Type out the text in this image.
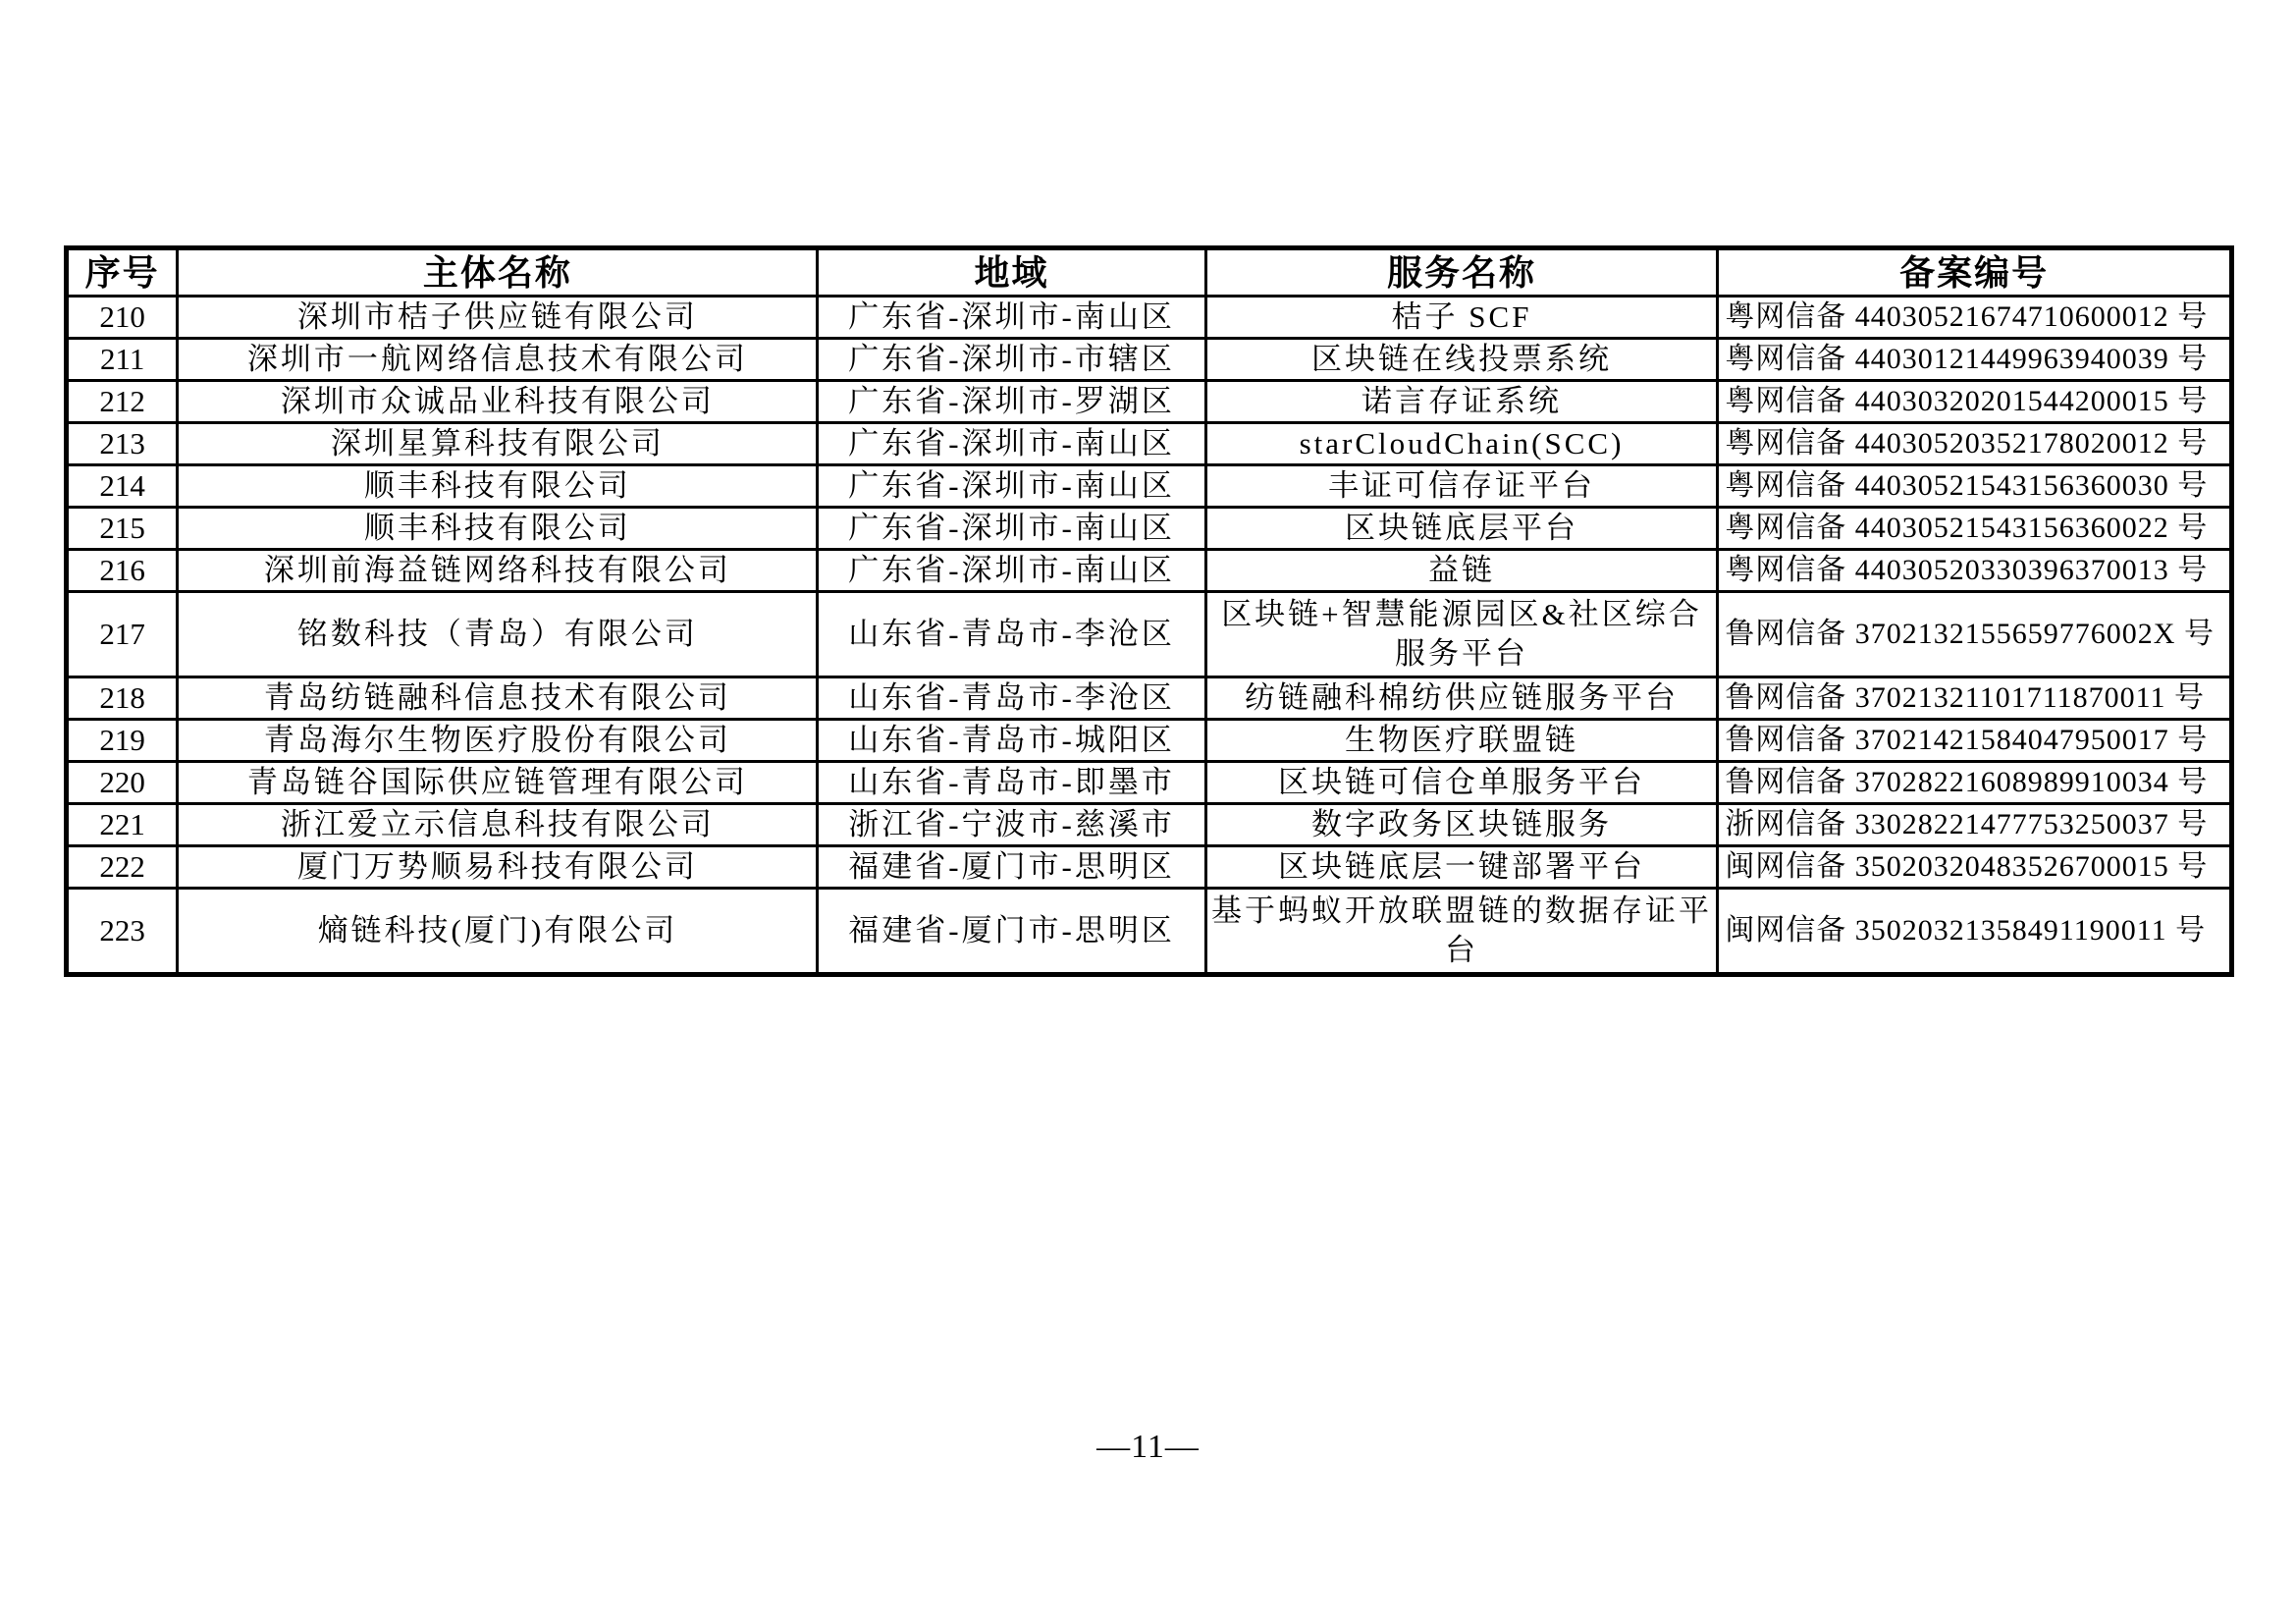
序号	主体名称	地域	服务名称	备案编号
210	深圳市桔子供应链有限公司	广东省-深圳市-南山区	桔子 SCF	粤网信备 44030521674710600012 号
211	深圳市一航网络信息技术有限公司	广东省-深圳市-市辖区	区块链在线投票系统	粤网信备 44030121449963940039 号
212	深圳市众诚品业科技有限公司	广东省-深圳市-罗湖区	诺言存证系统	粤网信备 44030320201544200015 号
213	深圳星算科技有限公司	广东省-深圳市-南山区	starCloudChain(SCC)	粤网信备 44030520352178020012 号
214	顺丰科技有限公司	广东省-深圳市-南山区	丰证可信存证平台	粤网信备 44030521543156360030 号
215	顺丰科技有限公司	广东省-深圳市-南山区	区块链底层平台	粤网信备 44030521543156360022 号
216	深圳前海益链网络科技有限公司	广东省-深圳市-南山区	益链	粤网信备 44030520330396370013 号
217	铭数科技（青岛）有限公司	山东省-青岛市-李沧区	区块链+智慧能源园区&社区综合服务平台	鲁网信备 3702132155659776002X 号
218	青岛纺链融科信息技术有限公司	山东省-青岛市-李沧区	纺链融科棉纺供应链服务平台	鲁网信备 37021321101711870011 号
219	青岛海尔生物医疗股份有限公司	山东省-青岛市-城阳区	生物医疗联盟链	鲁网信备 37021421584047950017 号
220	青岛链谷国际供应链管理有限公司	山东省-青岛市-即墨市	区块链可信仓单服务平台	鲁网信备 37028221608989910034 号
221	浙江爱立示信息科技有限公司	浙江省-宁波市-慈溪市	数字政务区块链服务	浙网信备 33028221477753250037 号
222	厦门万势顺易科技有限公司	福建省-厦门市-思明区	区块链底层一键部署平台	闽网信备 35020320483526700015 号
223	熵链科技(厦门)有限公司	福建省-厦门市-思明区	基于蚂蚁开放联盟链的数据存证平台	闽网信备 35020321358491190011 号
—11—
